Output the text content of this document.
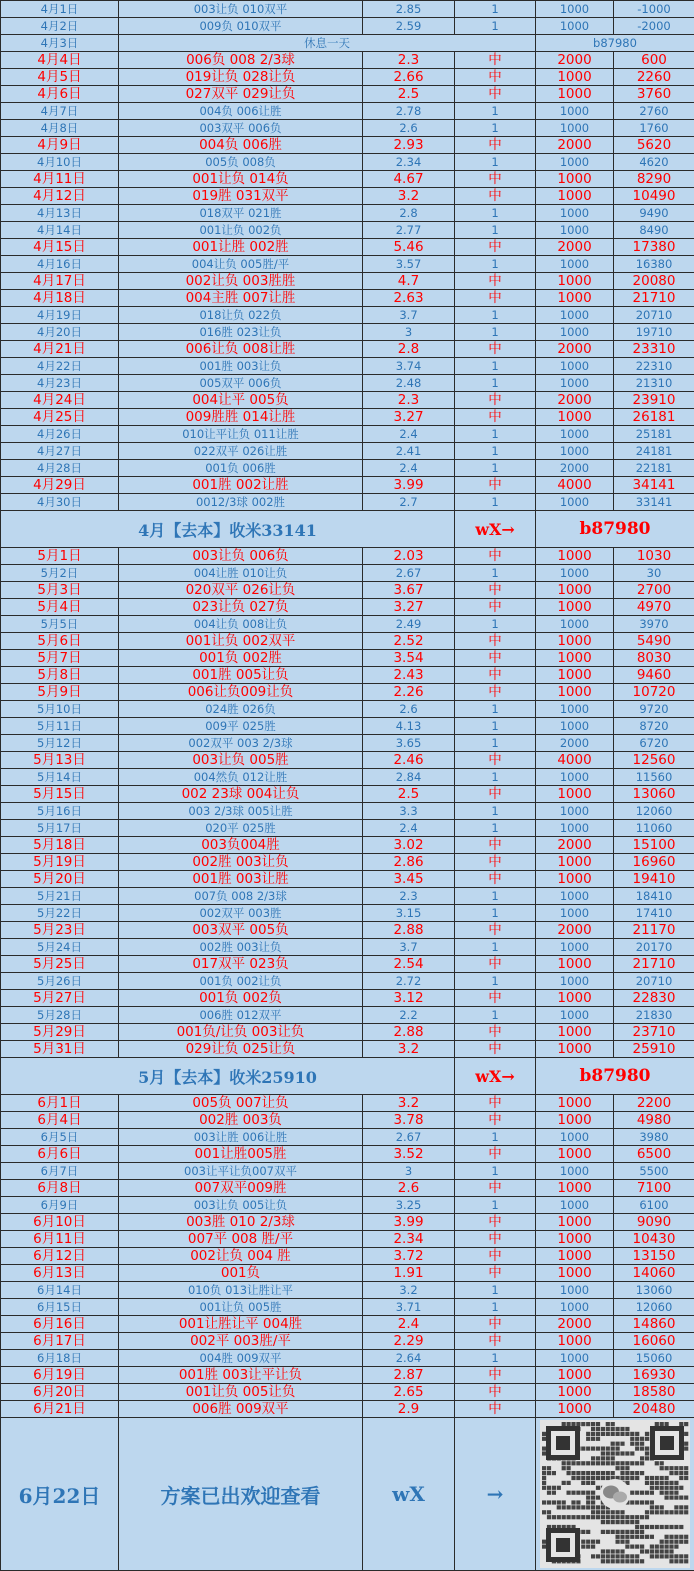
4月1日	003让负 010双平	2.85	1	1000	-1000
4月2日	009负 010双平	2.59	1	1000	-2000
4月3日	休息一天			b87980	
4月4日	006负 008 2/3球	2.3	中	2000	600
4月5日	019让负 028让负	2.66	中	1000	2260
4月6日	027双平 029让负	2.5	中	1000	3760
4月7日	004负 006让胜	2.78	1	1000	2760
4月8日	003双平 006负	2.6	1	1000	1760
4月9日	004负 006胜	2.93	中	2000	5620
4月10日	005负 008负	2.34	1	1000	4620
4月11日	001让负 014负	4.67	中	1000	8290
4月12日	019胜 031双平	3.2	中	1000	10490
4月13日	018双平 021胜	2.8	1	1000	9490
4月14日	001让负 002负	2.77	1	1000	8490
4月15日	001让胜 002胜	5.46	中	2000	17380
4月16日	004让负 005胜/平	3.57	1	1000	16380
4月17日	002让负 003胜胜	4.7	中	1000	20080
4月18日	004主胜 007让胜	2.63	中	1000	21710
4月19日	018让负 022负	3.7	1	1000	20710
4月20日	016胜 023让负	3	1	1000	19710
4月21日	006让负 008让胜	2.8	中	2000	23310
4月22日	001胜 003让负	3.74	1	1000	22310
4月23日	005双平 006负	2.48	1	1000	21310
4月24日	004让平 005负	2.3	中	2000	23910
4月25日	009胜胜 014让胜	3.27	中	1000	26181
4月26日	010让平让负 011让胜	2.4	1	1000	25181
4月27日	022双平 026让胜	2.41	1	1000	24181
4月28日	001负 006胜	2.4	1	2000	22181
4月29日	001胜 002让胜	3.99	中	4000	34141
4月30日	0012/3球 002胜	2.7	1	1000	33141
4月【去本】收米33141			wX→	b87980	
5月1日	003让负 006负	2.03	中	1000	1030
5月2日	004让胜 010让负	2.67	1	1000	30
5月3日	020双平 026让负	3.67	中	1000	2700
5月4日	023让负 027负	3.27	中	1000	4970
5月5日	004让负 008让负	2.49	1	1000	3970
5月6日	001让负 002双平	2.52	中	1000	5490
5月7日	001负 002胜	3.54	中	1000	8030
5月8日	001胜 005让负	2.43	中	1000	9460
5月9日	006让负009让负	2.26	中	1000	10720
5月10日	024胜 026负	2.6	1	1000	9720
5月11日	009平 025胜	4.13	1	1000	8720
5月12日	002双平 003 2/3球	3.65	1	2000	6720
5月13日	003让负 005胜	2.46	中	4000	12560
5月14日	004然负 012让胜	2.84	1	1000	11560
5月15日	002 23球 004让负	2.5	中	1000	13060
5月16日	003 2/3球 005让胜	3.3	1	1000	12060
5月17日	020平 025胜	2.4	1	1000	11060
5月18日	003负004胜	3.02	中	2000	15100
5月19日	002胜 003让负	2.86	中	1000	16960
5月20日	001胜 003让胜	3.45	中	1000	19410
5月21日	007负 008 2/3球	2.3	1	1000	18410
5月22日	002双平 003胜	3.15	1	1000	17410
5月23日	003双平 005负	2.88	中	2000	21170
5月24日	002胜 003让负	3.7	1	1000	20170
5月25日	017双平 023负	2.54	中	1000	21710
5月26日	001负 002让负	2.72	1	1000	20710
5月27日	001负 002负	3.12	中	1000	22830
5月28日	006胜 012双平	2.2	1	1000	21830
5月29日	001负/让负 003让负	2.88	中	1000	23710
5月31日	029让负 025让负	3.2	中	1000	25910
5月【去本】收米25910			wX→	b87980	
6月1日	005负 007让负	3.2	中	1000	2200
6月4日	002胜 003负	3.78	中	1000	4980
6月5日	003让胜 006让胜	2.67	1	1000	3980
6月6日	001让胜005胜	3.52	中	1000	6500
6月7日	003让平让负007双平	3	1	1000	5500
6月8日	007双平009胜	2.6	中	1000	7100
6月9日	003让负 005让负	3.25	1	1000	6100
6月10日	003胜 010 2/3球	3.99	中	1000	9090
6月11日	007平 008 胜/平	2.34	中	1000	10430
6月12日	002让负 004 胜	3.72	中	1000	13150
6月13日	001负	1.91	中	1000	14060
6月14日	010负 013让胜让平	3.2	1	1000	13060
6月15日	001让负 005胜	3.71	1	1000	12060
6月16日	001让胜让平 004胜	2.4	中	2000	14860
6月17日	002平 003胜/平	2.29	中	1000	16060
6月18日	004胜 009双平	2.64	1	1000	15060
6月19日	001胜 003让平让负	2.87	中	1000	16930
6月20日	001让负 005让负	2.65	中	1000	18580
6月21日	006胜 009双平	2.9	中	1000	20480
6月22日	方案已出欢迎查看	wX	→	
